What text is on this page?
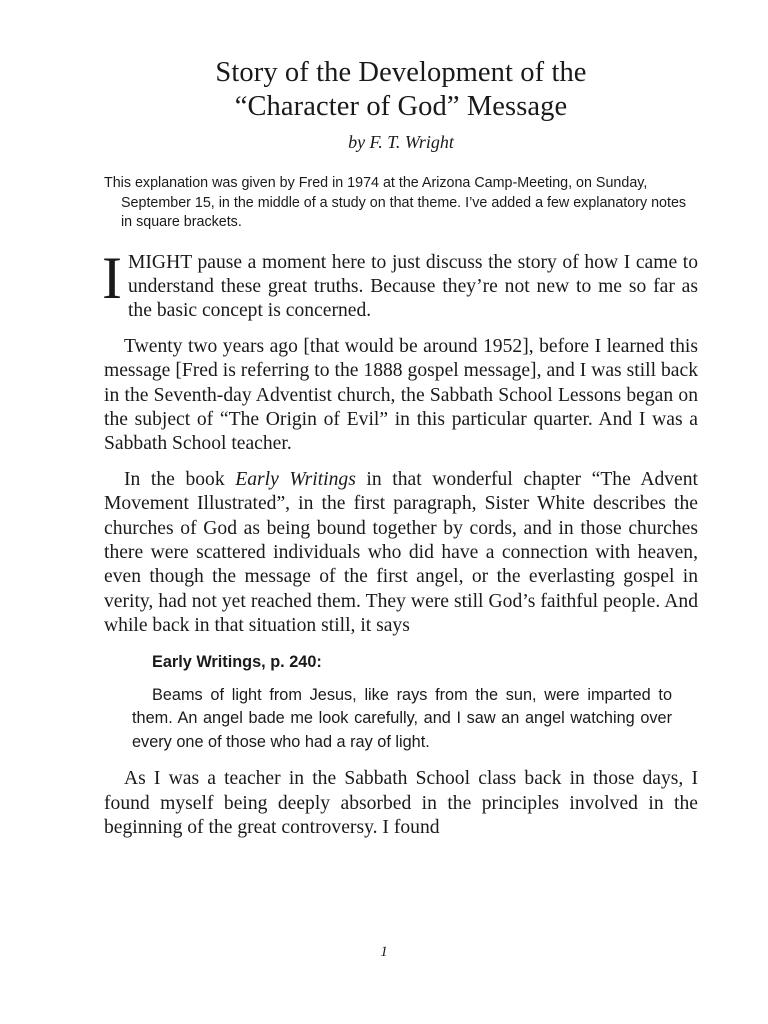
Story of the Development of the
“Character of God” Message
by F. T. Wright

This explanation was given by Fred in 1974 at the Arizona Camp-Meeting, on Sunday, September 15, in the middle of a study on that theme. I’ve added a few explanatory notes in square brackets.

IMIGHT pause a moment here to just discuss the story of how I came to understand these great truths. Because they’re not new to me so far as the basic concept is concerned.

Twenty two years ago [that would be around 1952], before I learned this message [Fred is referring to the 1888 gospel message], and I was still back in the Seventh-day Adventist church, the Sabbath School Lessons began on the subject of “The Origin of Evil” in this particular quarter. And I was a Sabbath School teacher.

In the book Early Writings in that wonderful chapter “The Advent Movement Illustrated”, in the first paragraph, Sister White describes the churches of God as being bound together by cords, and in those churches there were scattered individuals who did have a connection with heaven, even though the message of the first angel, or the everlasting gospel in verity, had not yet reached them. They were still God’s faithful people. And while back in that situation still, it says

Early Writings, p. 240:

Beams of light from Jesus, like rays from the sun, were imparted to them. An angel bade me look carefully, and I saw an angel watching over every one of those who had a ray of light.

As I was a teacher in the Sabbath School class back in those days, I found myself being deeply absorbed in the principles involved in the beginning of the great controversy. I found

1
